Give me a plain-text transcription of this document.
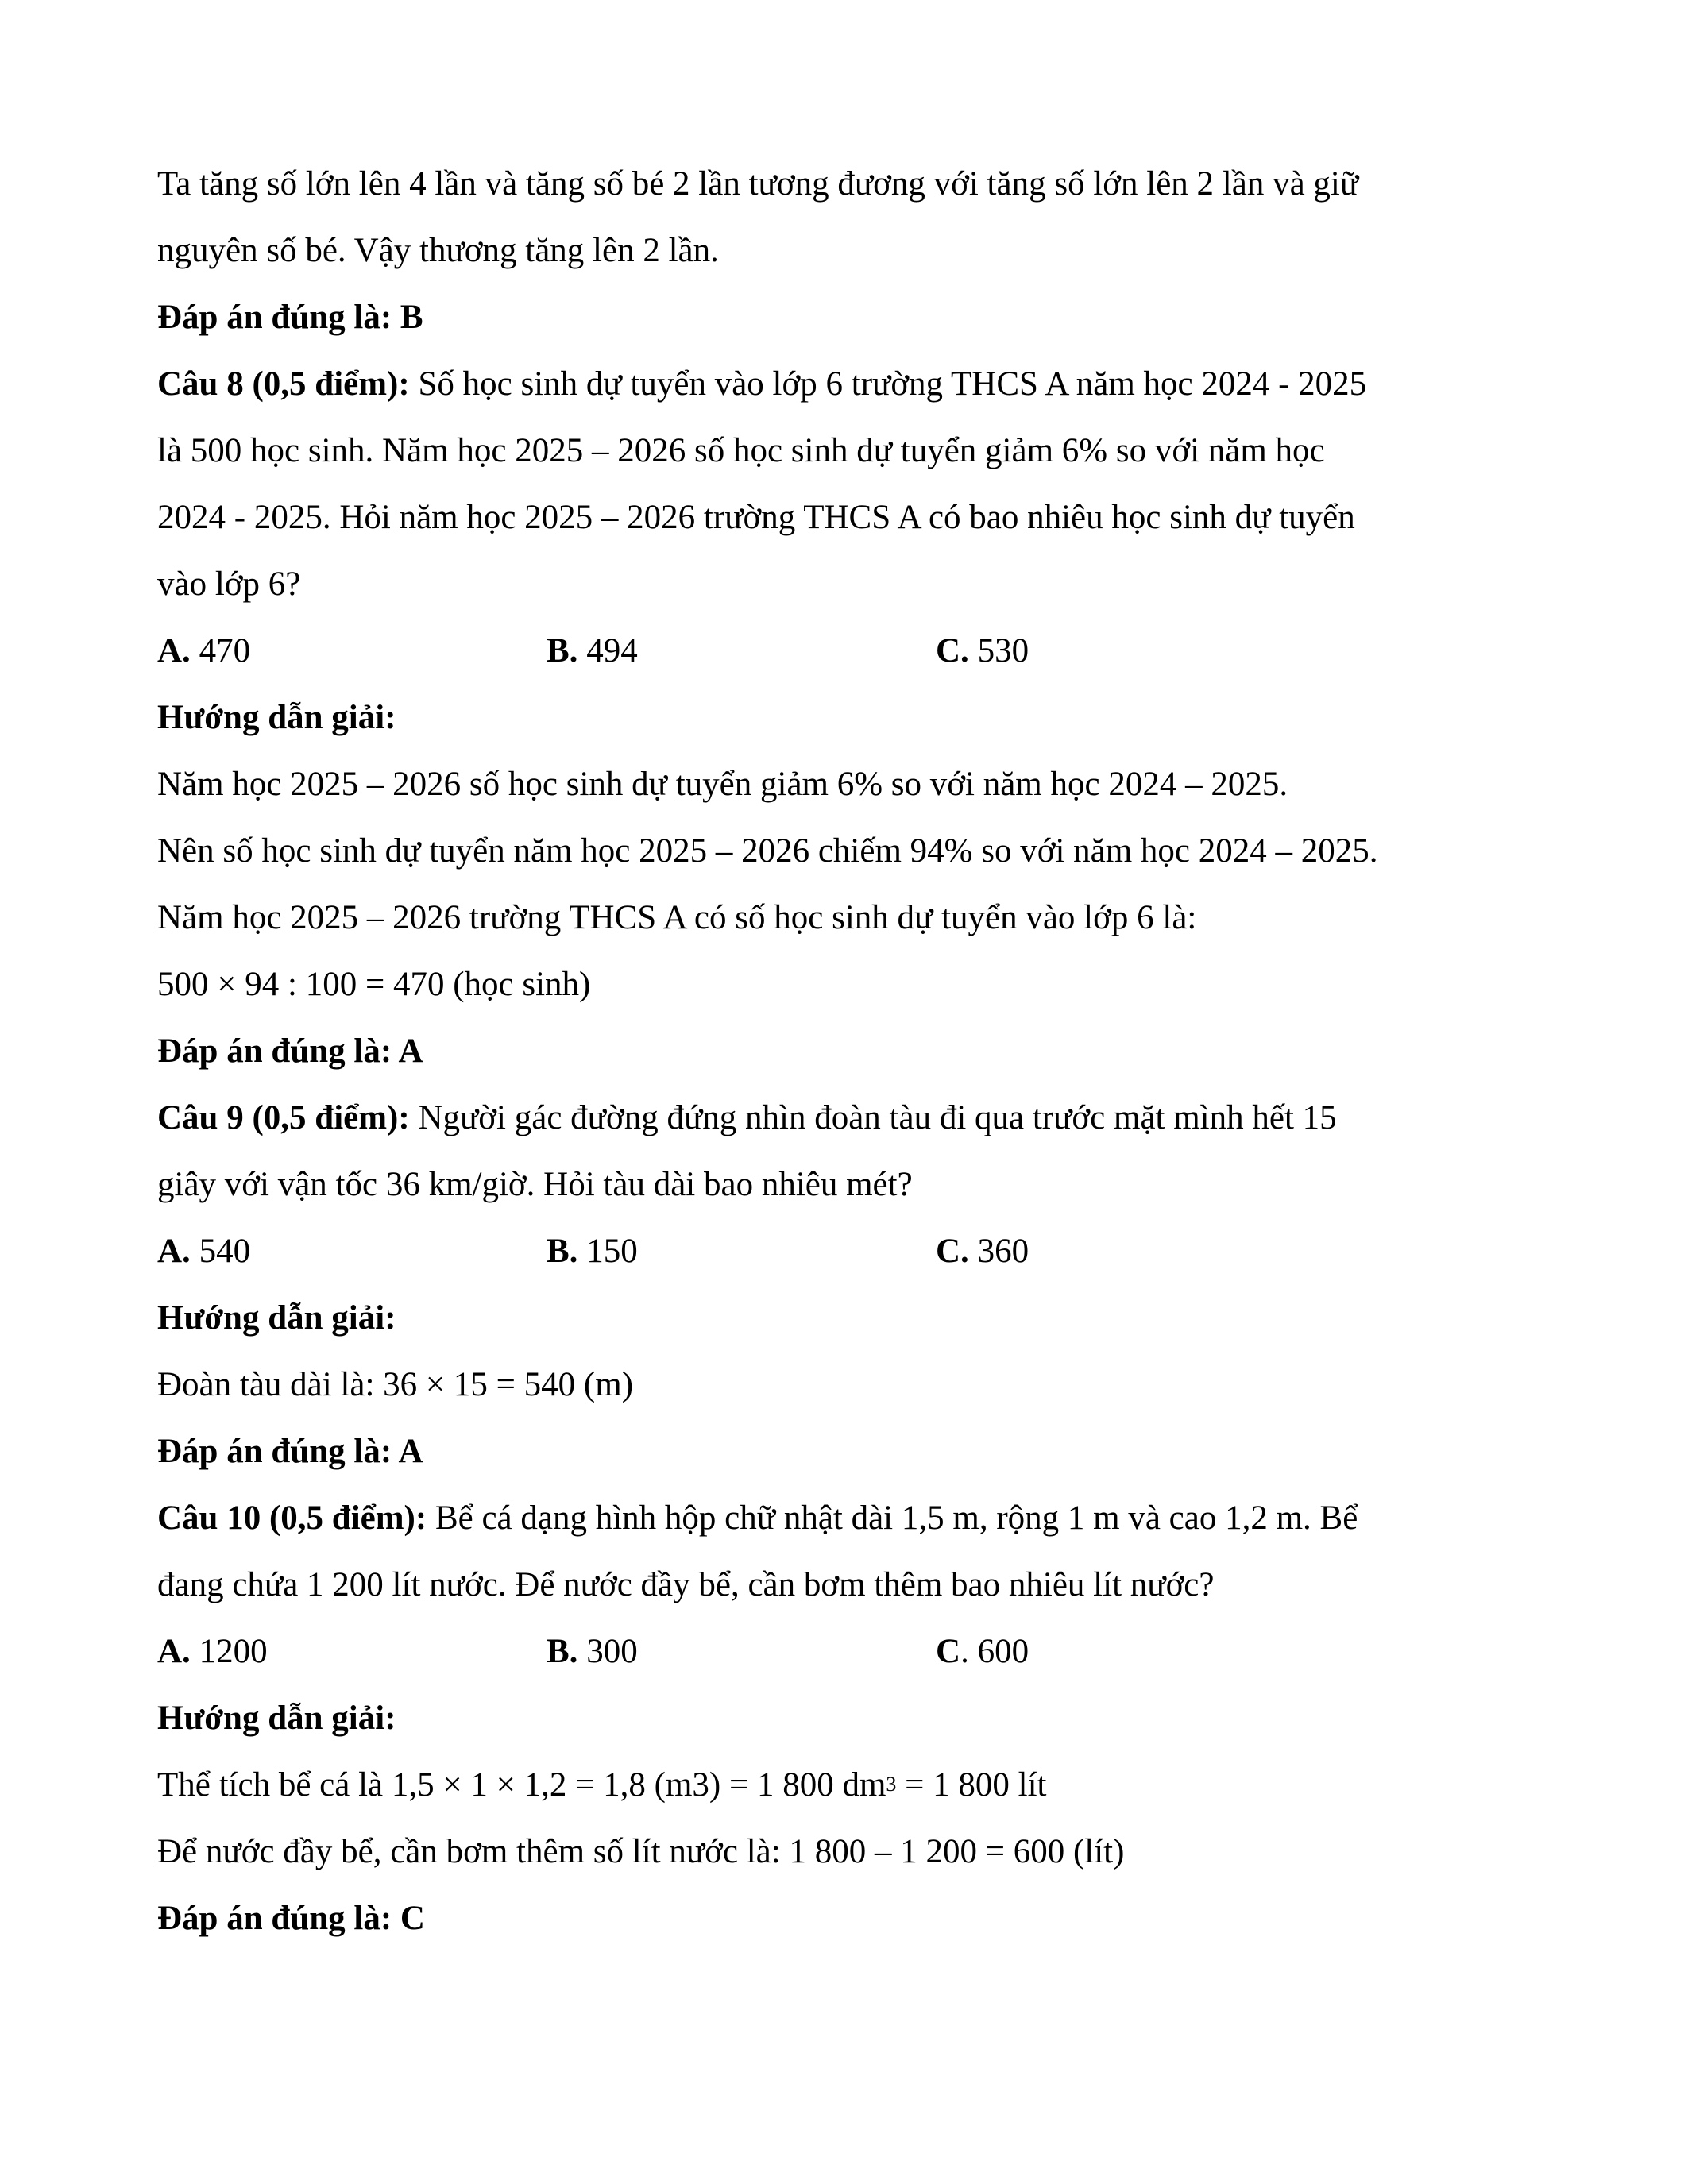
Ta tăng số lớn lên 4 lần và tăng số bé 2 lần tương đương với tăng số lớn lên 2 lần và giữ
nguyên số bé. Vậy thương tăng lên 2 lần.
Đáp án đúng là: B
Câu 8 (0,5 điểm): Số học sinh dự tuyển vào lớp 6 trường THCS A năm học 2024 - 2025
là 500 học sinh. Năm học 2025 – 2026 số học sinh dự tuyển giảm 6% so với năm học
2024 - 2025. Hỏi năm học 2025 – 2026 trường THCS A có bao nhiêu học sinh dự tuyển
vào lớp 6?
A. 470	B. 494	C. 530
Hướng dẫn giải:
Năm học 2025 – 2026 số học sinh dự tuyển giảm 6% so với năm học 2024 – 2025.
Nên số học sinh dự tuyển năm học 2025 – 2026 chiếm 94% so với năm học 2024 – 2025.
Năm học 2025 – 2026 trường THCS A có số học sinh dự tuyển vào lớp 6 là:
500 × 94 : 100 = 470 (học sinh)
Đáp án đúng là: A
Câu 9 (0,5 điểm): Người gác đường đứng nhìn đoàn tàu đi qua trước mặt mình hết 15
giây với vận tốc 36 km/giờ. Hỏi tàu dài bao nhiêu mét?
A. 540	B. 150	C. 360
Hướng dẫn giải:
Đoàn tàu dài là: 36 × 15 = 540 (m)
Đáp án đúng là: A
Câu 10 (0,5 điểm): Bể cá dạng hình hộp chữ nhật dài 1,5 m, rộng 1 m và cao 1,2 m. Bể
đang chứa 1 200 lít nước. Để nước đầy bể, cần bơm thêm bao nhiêu lít nước?
A. 1200	B. 300	C. 600
Hướng dẫn giải:
Thể tích bể cá là 1,5 × 1 × 1,2 = 1,8 (m3) = 1 800 $dm^3 = 1$ 800 lít
Để nước đầy bể, cần bơm thêm số lít nước là: 1 800 – 1 200 = 600 (lít)
Đáp án đúng là: C
